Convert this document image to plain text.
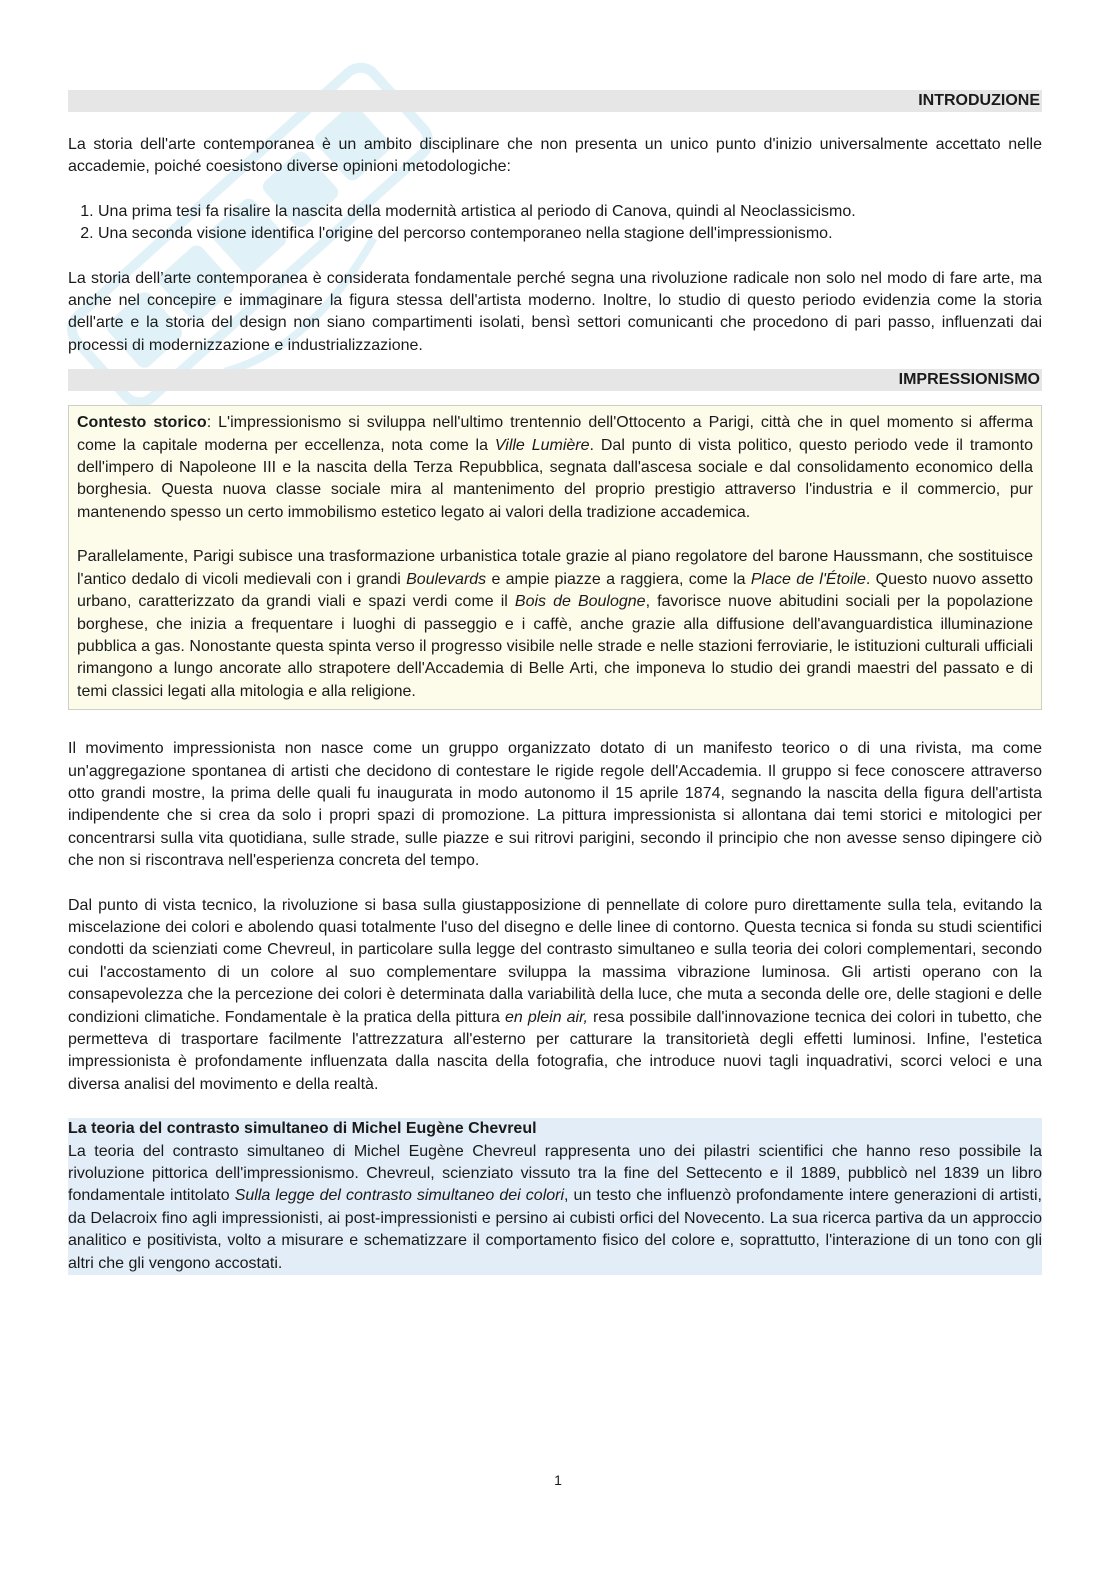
INTRODUZIONE

La storia dell'arte contemporanea è un ambito disciplinare che non presenta un unico punto d'inizio universalmente accettato nelle accademie, poiché coesistono diverse opinioni metodologiche:

1. Una prima tesi fa risalire la nascita della modernità artistica al periodo di Canova, quindi al Neoclassicismo.
2. Una seconda visione identifica l'origine del percorso contemporaneo nella stagione dell'impressionismo.

La storia dell’arte contemporanea è considerata fondamentale perché segna una rivoluzione radicale non solo nel modo di fare arte, ma anche nel concepire e immaginare la figura stessa dell'artista moderno. Inoltre, lo studio di questo periodo evidenzia come la storia dell'arte e la storia del design non siano compartimenti isolati, bensì settori comunicanti che procedono di pari passo, influenzati dai processi di modernizzazione e industrializzazione.

IMPRESSIONISMO

Contesto storico: L'impressionismo si sviluppa nell'ultimo trentennio dell'Ottocento a Parigi, città che in quel momento si afferma come la capitale moderna per eccellenza, nota come la Ville Lumière. Dal punto di vista politico, questo periodo vede il tramonto dell'impero di Napoleone III e la nascita della Terza Repubblica, segnata dall'ascesa sociale e dal consolidamento economico della borghesia. Questa nuova classe sociale mira al mantenimento del proprio prestigio attraverso l'industria e il commercio, pur mantenendo spesso un certo immobilismo estetico legato ai valori della tradizione accademica.

Parallelamente, Parigi subisce una trasformazione urbanistica totale grazie al piano regolatore del barone Haussmann, che sostituisce l'antico dedalo di vicoli medievali con i grandi Boulevards e ampie piazze a raggiera, come la Place de l'Étoile. Questo nuovo assetto urbano, caratterizzato da grandi viali e spazi verdi come il Bois de Boulogne, favorisce nuove abitudini sociali per la popolazione borghese, che inizia a frequentare i luoghi di passeggio e i caffè, anche grazie alla diffusione dell'avanguardistica illuminazione pubblica a gas. Nonostante questa spinta verso il progresso visibile nelle strade e nelle stazioni ferroviarie, le istituzioni culturali ufficiali rimangono a lungo ancorate allo strapotere dell'Accademia di Belle Arti, che imponeva lo studio dei grandi maestri del passato e di temi classici legati alla mitologia e alla religione.

Il movimento impressionista non nasce come un gruppo organizzato dotato di un manifesto teorico o di una rivista, ma come un'aggregazione spontanea di artisti che decidono di contestare le rigide regole dell'Accademia. Il gruppo si fece conoscere attraverso otto grandi mostre, la prima delle quali fu inaugurata in modo autonomo il 15 aprile 1874, segnando la nascita della figura dell'artista indipendente che si crea da solo i propri spazi di promozione. La pittura impressionista si allontana dai temi storici e mitologici per concentrarsi sulla vita quotidiana, sulle strade, sulle piazze e sui ritrovi parigini, secondo il principio che non avesse senso dipingere ciò che non si riscontrava nell'esperienza concreta del tempo.

Dal punto di vista tecnico, la rivoluzione si basa sulla giustapposizione di pennellate di colore puro direttamente sulla tela, evitando la miscelazione dei colori e abolendo quasi totalmente l'uso del disegno e delle linee di contorno. Questa tecnica si fonda su studi scientifici condotti da scienziati come Chevreul, in particolare sulla legge del contrasto simultaneo e sulla teoria dei colori complementari, secondo cui l'accostamento di un colore al suo complementare sviluppa la massima vibrazione luminosa. Gli artisti operano con la consapevolezza che la percezione dei colori è determinata dalla variabilità della luce, che muta a seconda delle ore, delle stagioni e delle condizioni climatiche. Fondamentale è la pratica della pittura en plein air, resa possibile dall'innovazione tecnica dei colori in tubetto, che permetteva di trasportare facilmente l'attrezzatura all'esterno per catturare la transitorietà degli effetti luminosi. Infine, l'estetica impressionista è profondamente influenzata dalla nascita della fotografia, che introduce nuovi tagli inquadrativi, scorci veloci e una diversa analisi del movimento e della realtà.

La teoria del contrasto simultaneo di Michel Eugène Chevreul

La teoria del contrasto simultaneo di Michel Eugène Chevreul rappresenta uno dei pilastri scientifici che hanno reso possibile la rivoluzione pittorica dell'impressionismo. Chevreul, scienziato vissuto tra la fine del Settecento e il 1889, pubblicò nel 1839 un libro fondamentale intitolato Sulla legge del contrasto simultaneo dei colori, un testo che influenzò profondamente intere generazioni di artisti, da Delacroix fino agli impressionisti, ai post-impressionisti e persino ai cubisti orfici del Novecento. La sua ricerca partiva da un approccio analitico e positivista, volto a misurare e schematizzare il comportamento fisico del colore e, soprattutto, l'interazione di un tono con gli altri che gli vengono accostati.

1
